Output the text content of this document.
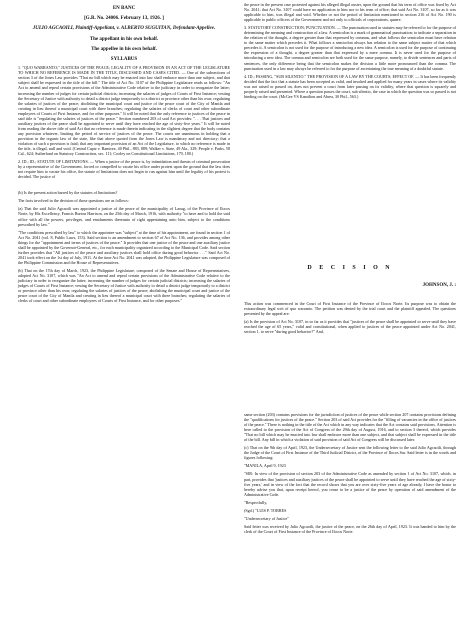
EN BANC
[G.R. No. 24006. February 13, 1926. ]
JULIO AGCAOILI, Plaintiff-Appellant, v. ALBERTO SUGUITAN, Defendant-Appellee.
The appellant in his own behalf.
The appellee in his own behalf.
SYLLABUS

1. "QUO WARRANTO;" JUSTICES OF THE PEACE; LEGALITY OF A PROVISION IN AN ACT OF THE LEGISLATURE TO WHICH NO REFERENCE IS MADE IN THE TITLE, DISCUSSED AND CASES CITED. — One of the subsections of section 3 of the Jones Law provides "That no bill which may be enacted into law shall embrace more than one subject, and that subject shall be expressed in the title of the bill." The title of Act No. 3107 of the Philippine Legislature reads as follows: "An Act to amend and repeal certain provisions of the Administrative Code relative to the judiciary in order to reorganize the latter; increasing the number of judges for certain judicial districts; increasing the salaries of judges of Courts of First Instance; vesting the Secretary of Justice with authority to detail a district judge temporarily to a district or province other than his own; regulating the salaries of justices of the peace; abolishing the municipal court and justice of the peace court of the City of Manila and creating in lieu thereof a municipal court with three branches; regulating the salaries of clerks of court and other subordinate employees of Courts of First Instance, and for other purposes." It will be noted that the only reference to justices of the peace in said title is "regulating the salaries of justices of the peace." Section numbered 203 of said Act provides: ". . . That justices and auxiliary justices of the peace shall be appointed to serve until they have reached the age of sixty-five years." It will be noted from reading the above title of said Act that no reference is made therein indicating in the slightest degree that the body contains any provision whatever, limiting the period of service of justices of the peace. The courts are unanimous in holding that a provision in the organic law of the state, like that above quoted from the Jones Law is mandatory and not directory; that a violation of such a provision is fatal; that any important provision of an Act of the Legislature, to which no reference is made in the title, is illegal, null and void. (Central Capiz v. Ramirez, 40 Phil., 883, 889; Walker v. State, 49 Ala., 329; People v. Parks, 58 Cal., 624; Sutherland on Statutory Construction, sec. 111; Cooley on Constitutional Limitations, 179, 180.)

2. ID.; ID.; STATUTE OF LIMITATIONS. — When a justice of the peace is, by intimidation and threats of criminal prosecution by a representative of the Government, forced or compelled to vacate his office under protest upon the ground that the law does not require him to vacate his office, the statute of limitations does not begin to run against him until the legality of his protest is decided. The justice of

(b) Is the present action barred by the statutes of limitations?

The facts involved in the decision of those questions are as follows:

(a) That the said Julio Agcaoili was appointed a justice of the peace of the municipality of Laoag, of the Province of Ilocos Norte, by His Excellency, Francis Burton Harrison, on the 25th day of March, 1916, with authority "to have and to hold the said office with all the powers, privileges, and emoluments thereunto of right appertaining unto him, subject to the conditions prescribed by law."

"The conditions prescribed by law" to which the appointee was "subject" at the time of his appointment, are found in section 1 of Act No. 2041 (vol. 8, Public Laws, 153). Said section is an amendment to section 67 of Act No. 136, and provides among other things for the "appointment and terms of justices of the peace." It provides that one justice of the peace and one auxiliary justice shall be appointed by the Governor-General, etc., for each municipality organized according to the Municipal Code. Said section further provides that "All justices of the peace and auxiliary justices shall hold office during good behavior . . ." Said Act No. 2041 took effect on the 1st day of July, 1911. At the time Act No. 2041 was adopted, the Philippine Legislature was composed of the Philippine Commission and the House of Representatives.

(b) That on the 17th day of March, 1923, the Philippine Legislature, composed of the Senate and House of Representatives, adopted Act No. 3107, which was "An Act to amend and repeal certain provisions of the Administrative Code relative to the judiciary in order to reorganize the latter; increasing the number of judges for certain judicial districts; increasing the salaries of judges of Courts of First Instance; vesting the Secretary of Justice with authority to detail a district judge temporarily to a district or province other than his own; regulating the salaries of justices of the peace; abolishing the municipal court and justice of the peace court of the City of Manila and creating in lieu thereof a municipal court with three branches; regulating the salaries of clerks of court and other subordinate employees of Courts of First Instance, and for other purposes."

the peace in the present case protested against his alleged illegal ouster, upon the ground that his term of office was fixed by Act No. 2041; that Act No. 3107 could have no application to him nor to his term of office; that said Act No. 3107, so far as it was applicable to him, was illegal and void. Whether or not the period of limitation mentioned in section 216 of Act No. 190 is applicable to public officers of the Government and not only to officials of corporations, quaere.

3. STATUTORY CONSTRUCTION; PUNCTUATION. — The punctuation used in statutes may be referred to for the purpose of determining the meaning and construction of a law. A semicolon is a mark of grammatical punctuation; to indicate a separation in the relation of the thought, a degree greater than that expressed by commas, and what follows the semicolon must have relation to the same matter which precedes it. What follows a semicolon always has relation to the same subject matter of that which precedes it. A semicolon is not used for the purpose of introducing a new idea. A semicolon is used for the purpose of continuing the expression of a thought, a degree greater than that expressed by a mere comma. It is never used for the purpose of introducing a new idea. The comma and semicolon are both used for the same purpose, namely, to divide sentences and parts of sentences, the only difference being that the semicolon makes the division a little more pronounced than the comma. The punctuation used in a law may always be referred to for the purpose of ascertaining the true meaning of a doubtful statute.

4. ID.; PASSING, "SUB SILENTIO." THE PROVISION OF A LAW BY THE COURTS; EFFECT OF. — It has been frequently decided that the fact that a statute has been accepted as valid, and invoked and applied for many years in cases where its validity was not raised or passed on, does not prevent a court from later passing on its validity, where that question is squarely and properly raised and presented. Where a question passes the court, sub silentio, the case in which the question was so passed is not binding on the court. (McGee VS Kamilton and Abrea, 30 Phil., 563.)

D E C I S I O N
JOHNSON, J. :

This action was commenced in the Court of First Instance of the Province of Ilocos Norte. Its purpose was to obtain the extraordinary legal writ of quo warranto. The petition was denied by the trial court and the plaintiff appealed. The questions presented by the appeal are:

(a) Is the provision of Act No. 3107, in so far as it provides that "justices of the peace shall be appointed to serve until they have reached the age of 65 years," valid and constitutional, when applied to justices of the peace appointed under Act No. 2041, section 1, to serve "during good behavior?" And,

same section (203) contains provisions for the jurisdiction of justices of the peace while section 207 contains provisions defining the "qualifications for justices of the peace." Section 203 of said Act provides for the "filling of vacancies in the office of justices of the peace." There is nothing in the title of the Act which in any way indicates that the Act contains said provisions. Attention is here called to the provision of the Act of Congress of the 29th day of August, 1916, and to section 3 thereof, which provides "That no bill which may be enacted into law shall embrace more than one subject, and that subject shall be expressed in the title of the bill. Any bill in which a violation of said provision of said Act of Congress will be discussed later.

(c) That on the 9th day of April, 1923, the Undersecretary of Justice sent the following letter to the said Julio Agcaoili, through the Judge of the Court of First Instance of the Third Judicial District, of the Province of Ilocos Sur. Said letter is in the words and figures following:

"MANILA, April 9, 1923

"SIR: In view of the provision of section 203 of the Administrative Code as amended by section 1 of Act No. 3107, which, in part, provides that 'justices and auxiliary justices of the peace shall be appointed to serve until they have reached the age of sixty-five years,' and in view of the fact that the record shows that you are over sixty-five years of age already, I have the honor to hereby advise you that, upon receipt hereof, you cease to be a justice of the peace by operation of said amendment of the Administrative Code.

"Respectfully,

(Sgd.) "LUIS P. TORRES

"Undersecretary of Justice"

Said letter was received by Julio Agcaoili, the justice of the peace, on the 26th day of April, 1923. It was handed to him by the clerk of the Court of First Instance of the Province of Ilocos Norte.
